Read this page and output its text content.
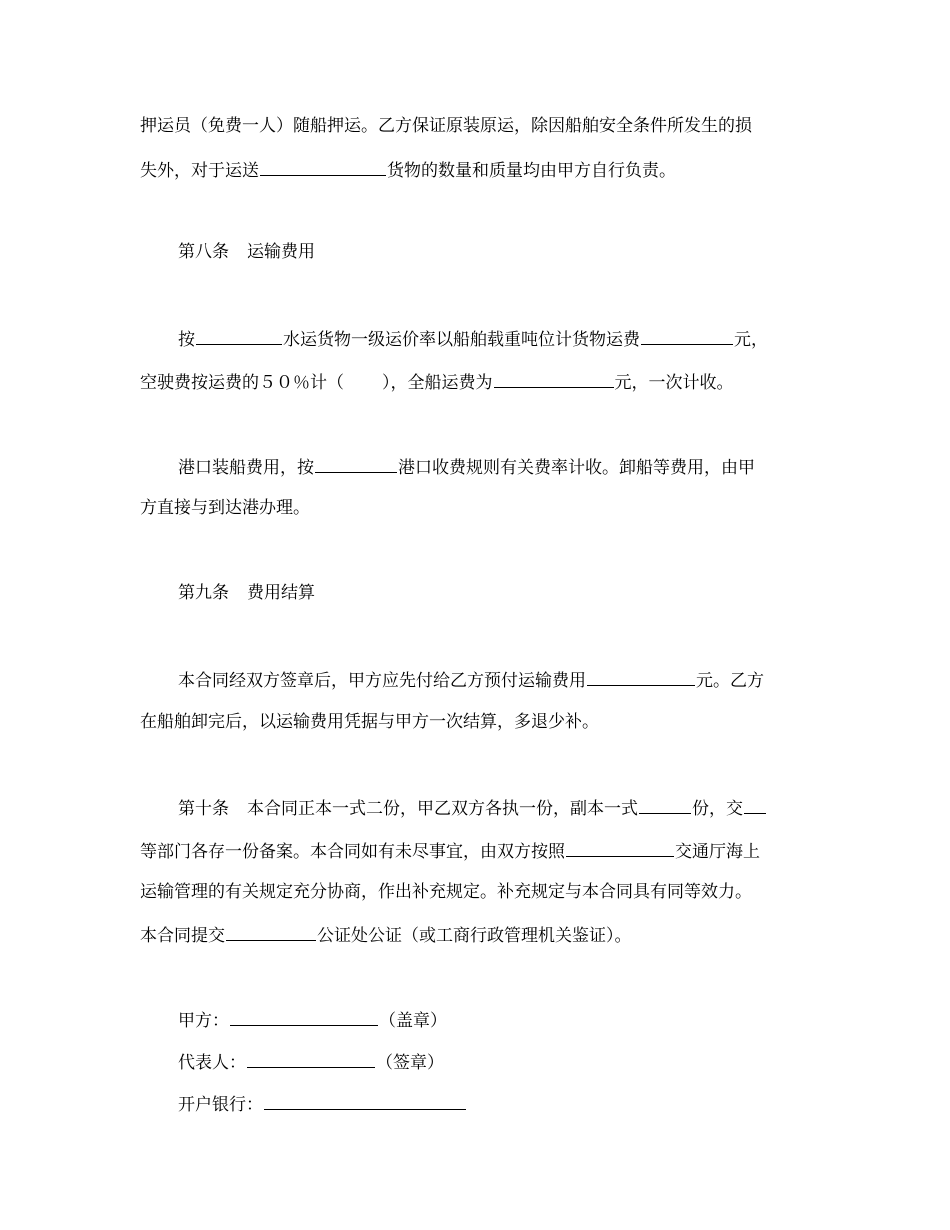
押运员（免费一人）随船押运。乙方保证原装原运，除因船舶安全条件所发生的损
失外，对于运送	货物的数量和质量均由甲方自行负责。
第八条 运输费用
按	水运货物一级运价率以船舶载重吨位计货物运费	元，
空驶费按运费的５０％计（ ），全船运费为	元，一次计收。
港口装船费用，按	港口收费规则有关费率计收。卸船等费用，由甲
方直接与到达港办理。
第九条 费用结算
本合同经双方签章后，甲方应先付给乙方预付运输费用	元。乙方
在船舶卸完后，以运输费用凭据与甲方一次结算，多退少补。
第十条 本合同正本一式二份，甲乙双方各执一份，副本一式	份，交
等部门各存一份备案。本合同如有未尽事宜，由双方按照	交通厅海上
运输管理的有关规定充分协商，作出补充规定。补充规定与本合同具有同等效力。
本合同提交	公证处公证（或工商行政管理机关鉴证）。
甲方：	（盖章）
代表人：	（签章）
开户银行：
